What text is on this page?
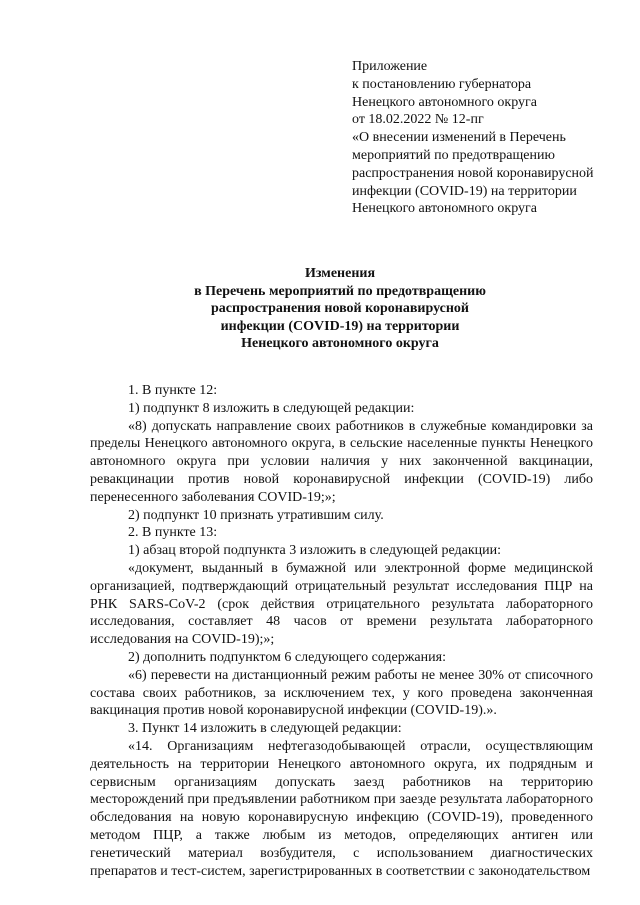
Приложение
к постановлению губернатора
Ненецкого автономного округа
от 18.02.2022 № 12-пг
«О внесении изменений в Перечень
мероприятий по предотвращению
распространения новой коронавирусной
инфекции (COVID-19) на территории
Ненецкого автономного округа
Изменения
в Перечень мероприятий по предотвращению
распространения новой коронавирусной
инфекции (COVID-19) на территории
Ненецкого автономного округа

1. В пункте 12:

1) подпункт 8 изложить в следующей редакции:

«8) допускать направление своих работников в служебные командировки за пределы Ненецкого автономного округа, в сельские населенные пункты Ненецкого автономного округа при условии наличия у них законченной вакцинации, ревакцинации против новой коронавирусной инфекции (COVID-19) либо перенесенного заболевания COVID-19;»;

2) подпункт 10 признать утратившим силу.

2. В пункте 13:

1) абзац второй подпункта 3 изложить в следующей редакции:

«документ, выданный в бумажной или электронной форме медицинской организацией, подтверждающий отрицательный результат исследования ПЦР на РНК SARS-CoV-2 (срок действия отрицательного результата лабораторного исследования, составляет 48 часов от времени результата лабораторного исследования на COVID-19);»;

2) дополнить подпунктом 6 следующего содержания:

«6) перевести на дистанционный режим работы не менее 30% от списочного состава своих работников, за исключением тех, у кого проведена законченная вакцинация против новой коронавирусной инфекции (COVID-19).».

3. Пункт 14 изложить в следующей редакции:

«14. Организациям нефтегазодобывающей отрасли, осуществляющим деятельность на территории Ненецкого автономного округа, их подрядным и сервисным организациям допускать заезд работников на территорию месторождений при предъявлении работником при заезде результата лабораторного обследования на новую коронавирусную инфекцию (COVID-19), проведенного методом ПЦР, а также любым из методов, определяющих антиген или генетический материал возбудителя, с использованием диагностических препаратов и тест-систем, зарегистрированных в соответствии с законодательством
